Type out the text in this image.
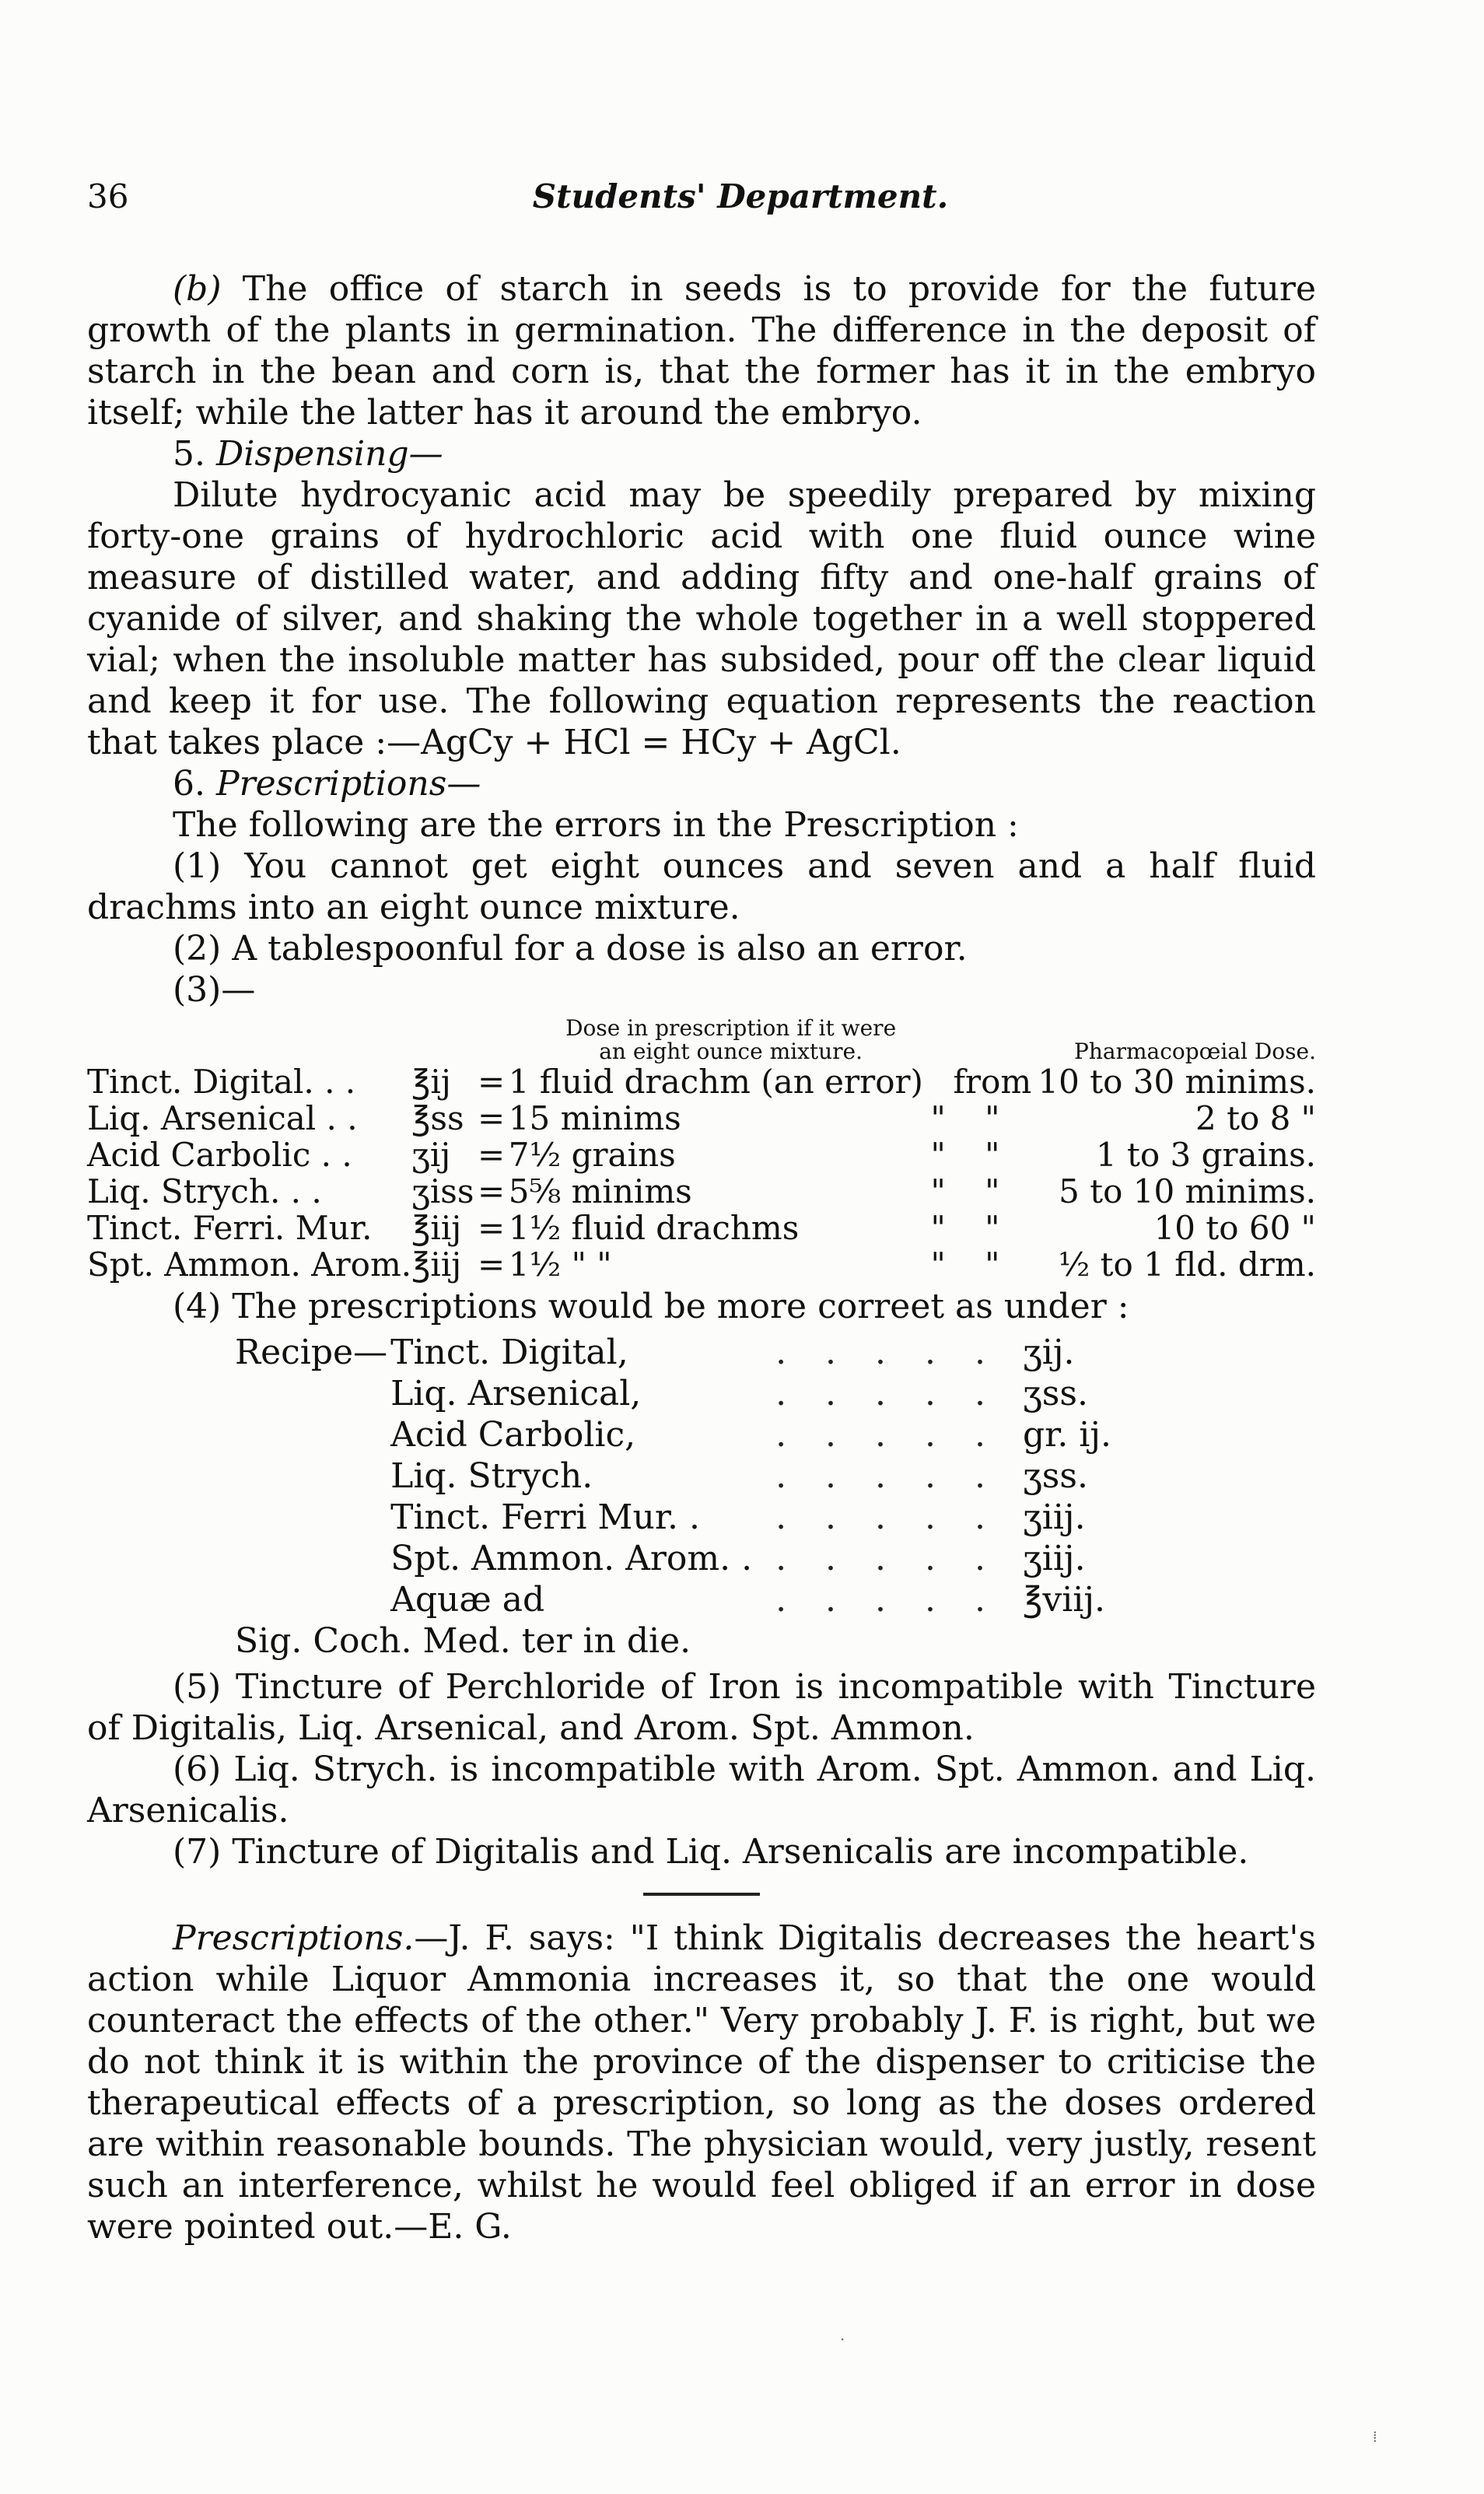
36	Students' Department.

(b) The office of starch in seeds is to provide for the future growth of the plants in germination. The difference in the deposit of starch in the bean and corn is, that the former has it in the embryo itself; while the latter has it around the embryo.

5. Dispensing—

Dilute hydrocyanic acid may be speedily prepared by mixing forty-one grains of hydrochloric acid with one fluid ounce wine measure of distilled water, and adding fifty and one-half grains of cyanide of silver, and shaking the whole together in a well stoppered vial; when the insoluble matter has subsided, pour off the clear liquid and keep it for use. The following equation represents the reaction that takes place :—AgCy + HCl = HCy + AgCl.

6. Prescriptions—

The following are the errors in the Prescription :

(1) You cannot get eight ounces and seven and a half fluid drachms into an eight ounce mixture.

(2) A tablespoonful for a dose is also an error.

(3)—

			Dose in prescription if it were			
			an eight ounce mixture.		Pharmacopœial Dose.	
Tinct. Digital. . .	℥ij	=	1 fluid drachm (an error)		from	10 to 30 minims.
Liq. Arsenical . .	℥ss	=	15 minims	"	"	2 to 8 "
Acid Carbolic . .	ʒij	=	7½ grains	"	"	1 to 3 grains.
Liq. Strych. . .	ʒiss	=	5⅝ minims	"	"	5 to 10 minims.
Tinct. Ferri. Mur.	℥iij	=	1½ fluid drachms	"	"	10 to 60 "
Spt. Ammon. Arom.	℥iij	=	1½ " "	"	"	½ to 1 fld. drm.

(4) The prescriptions would be more correet as under :

Recipe—	Tinct. Digital,	. . . . .	ʒij.
	Liq. Arsenical,	. . . . .	ʒss.
	Acid Carbolic,	. . . . .	gr. ij.
	Liq. Strych.	. . . . .	ʒss.
	Tinct. Ferri Mur. .	. . . . .	ʒiij.
	Spt. Ammon. Arom. .	. . . . .	ʒiij.
	Aquæ ad	. . . . .	℥viij.
Sig. Coch. Med. ter in die.

(5) Tincture of Perchloride of Iron is incompatible with Tincture of Digitalis, Liq. Arsenical, and Arom. Spt. Ammon.

(6) Liq. Strych. is incompatible with Arom. Spt. Ammon. and Liq. Arsenicalis.

(7) Tincture of Digitalis and Liq. Arsenicalis are incompatible.

Prescriptions.—J. F. says: "I think Digitalis decreases the heart's action while Liquor Ammonia increases it, so that the one would counteract the effects of the other." Very probably J. F. is right, but we do not think it is within the province of the dispenser to criticise the therapeutical effects of a prescription, so long as the doses ordered are within reasonable bounds. The physician would, very justly, resent such an interference, whilst he would feel obliged if an error in dose were pointed out.—E. G.

·
⁞
